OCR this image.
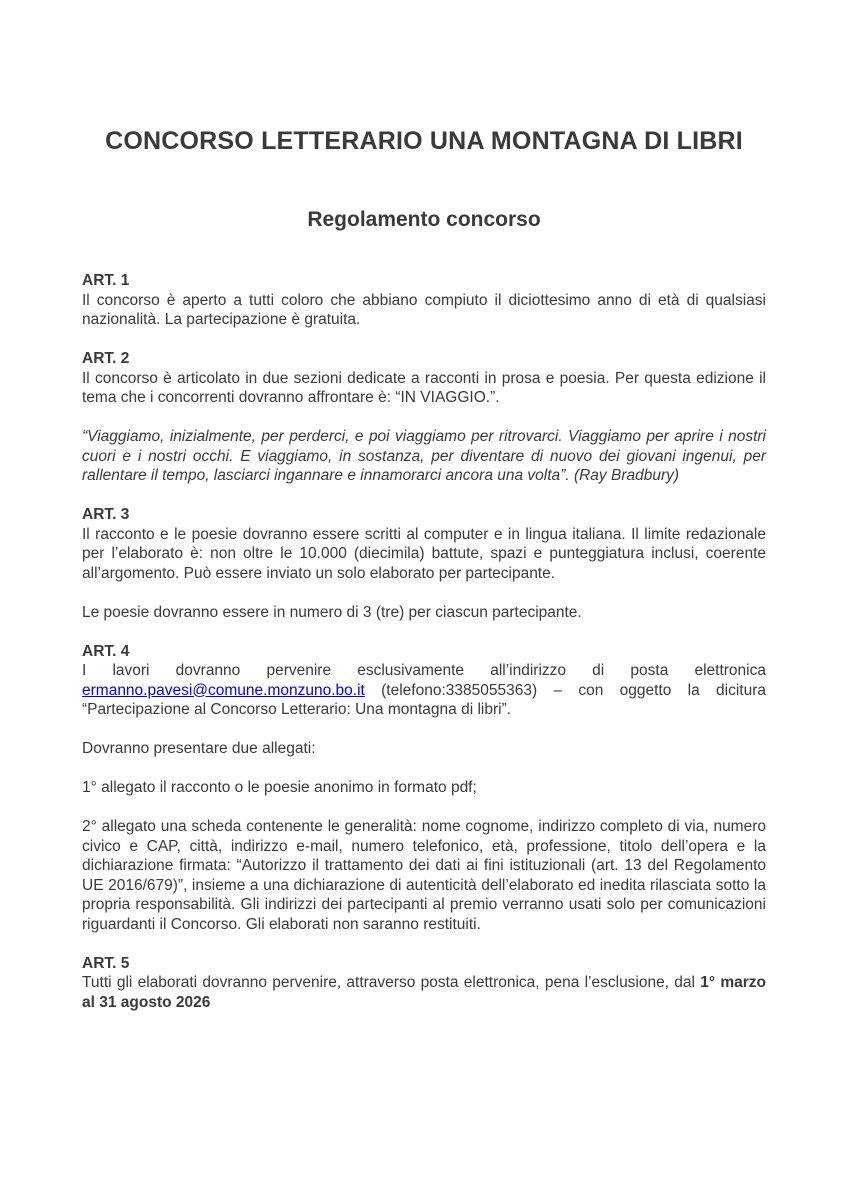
CONCORSO LETTERARIO UNA MONTAGNA DI LIBRI
Regolamento concorso

ART. 1

Il concorso è aperto a tutti coloro che abbiano compiuto il diciottesimo anno di età di qualsiasi nazionalità. La partecipazione è gratuita.

ART. 2

Il concorso è articolato in due sezioni dedicate a racconti in prosa e poesia. Per questa edizione il tema che i concorrenti dovranno affrontare è: “IN VIAGGIO.”.

“Viaggiamo, inizialmente, per perderci, e poi viaggiamo per ritrovarci. Viaggiamo per aprire i nostri cuori e i nostri occhi. E viaggiamo, in sostanza, per diventare di nuovo dei giovani ingenui, per rallentare il tempo, lasciarci ingannare e innamorarci ancora una volta”. (Ray Bradbury)

ART. 3

Il racconto e le poesie dovranno essere scritti al computer e in lingua italiana. Il limite redazionale per l’elaborato è: non oltre le 10.000 (diecimila) battute, spazi e punteggiatura inclusi, coerente all’argomento. Può essere inviato un solo elaborato per partecipante.

Le poesie dovranno essere in numero di 3 (tre) per ciascun partecipante.

ART. 4

I lavori dovranno pervenire esclusivamente all’indirizzo di posta elettronica ermanno.pavesi@comune.monzuno.bo.it (telefono:3385055363) – con oggetto la dicitura “Partecipazione al Concorso Letterario: Una montagna di libri”.

Dovranno presentare due allegati:

1° allegato il racconto o le poesie anonimo in formato pdf;

2° allegato una scheda contenente le generalità: nome cognome, indirizzo completo di via, numero civico e CAP, città, indirizzo e-mail, numero telefonico, età, professione, titolo dell’opera e la dichiarazione firmata: “Autorizzo il trattamento dei dati ai fini istituzionali (art. 13 del Regolamento UE 2016/679)”, insieme a una dichiarazione di autenticità dell’elaborato ed inedita rilasciata sotto la propria responsabilità. Gli indirizzi dei partecipanti al premio verranno usati solo per comunicazioni riguardanti il Concorso. Gli elaborati non saranno restituiti.

ART. 5

Tutti gli elaborati dovranno pervenire, attraverso posta elettronica, pena l’esclusione, dal 1° marzo al 31 agosto 2026
